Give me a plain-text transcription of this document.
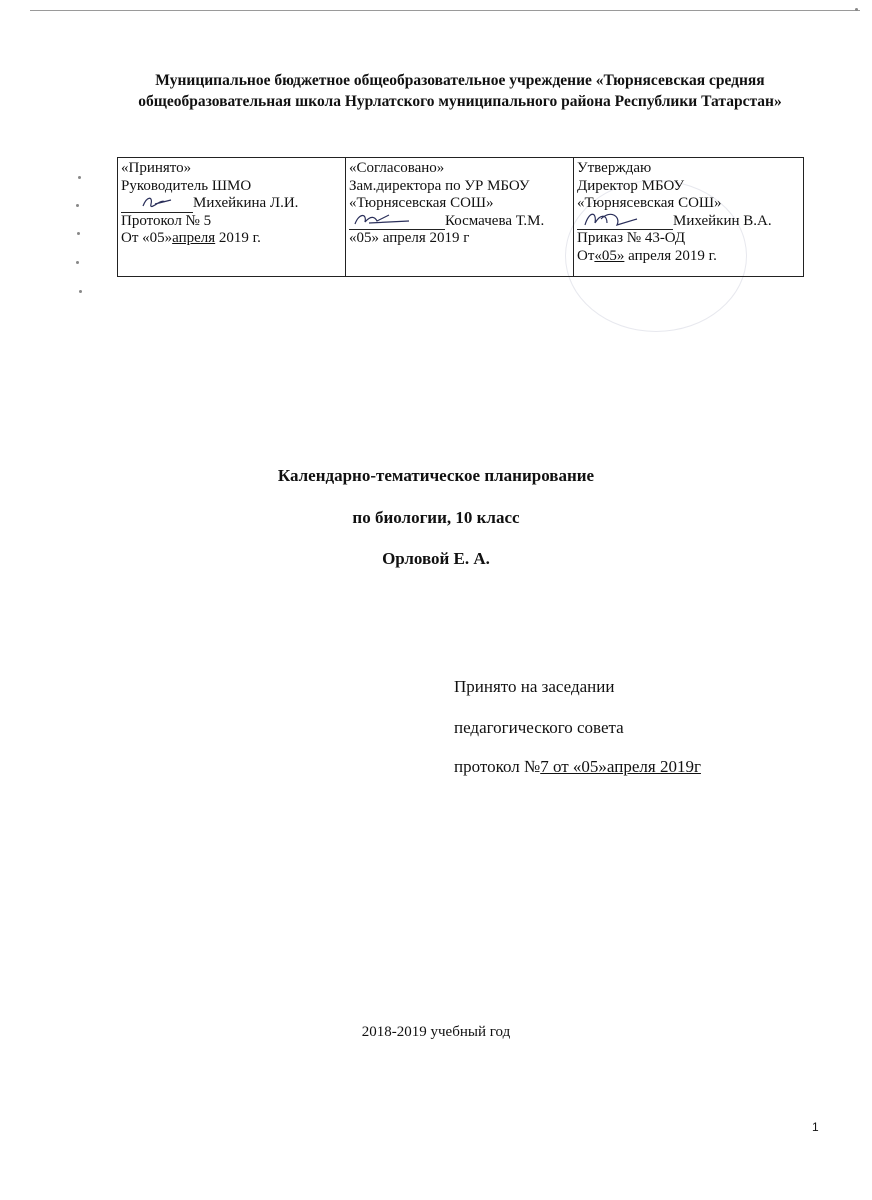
Муниципальное бюджетное общеобразовательное учреждение «Тюрнясевская средняя
общеобразовательная школа Нурлатского муниципального района Республики Татарстан»
«Принято»
Руководитель ШМО
Михейкина Л.И.
Протокол № 5
От «05»апреля 2019 г.

«Согласовано»
Зам.директора по УР МБОУ
«Тюрнясевская СОШ»
Космачева Т.М.
«05» апреля 2019 г

Утверждаю
Директор МБОУ
«Тюрнясевская СОШ»
Михейкин В.А.
Приказ № 43-ОД
От«05» апреля 2019 г.
Календарно-тематическое планирование
по биологии, 10 класс
Орловой Е. А.
Принято на заседании
педагогического совета
протокол №7 от «05»апреля 2019г
2018-2019 учебный год
1
